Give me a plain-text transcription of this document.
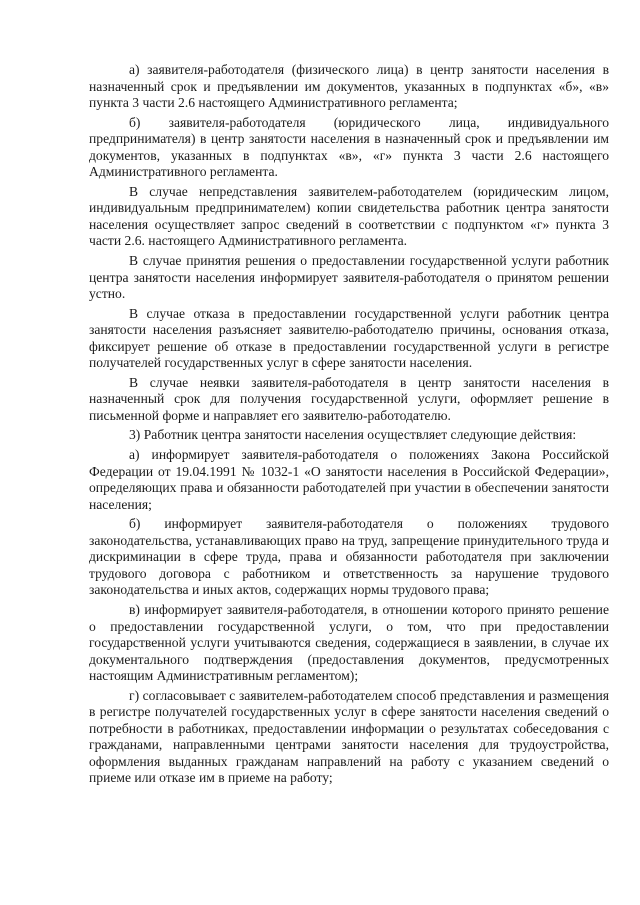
а) заявителя-работодателя (физического лица) в центр занятости населения в назначенный срок и предъявлении им документов, указанных в подпунктах «б», «в» пункта 3 части 2.6 настоящего Административного регламента;

б) заявителя-работодателя (юридического лица, индивидуального предпринимателя) в центр занятости населения в назначенный срок и предъявлении им документов, указанных в подпунктах «в», «г» пункта 3 части 2.6 настоящего Административного регламента.

В случае непредставления заявителем-работодателем (юридическим лицом, индивидуальным предпринимателем) копии свидетельства работник центра занятости населения осуществляет запрос сведений в соответствии с подпунктом «г» пункта 3 части 2.6. настоящего Административного регламента.

В случае принятия решения о предоставлении государственной услуги работник центра занятости населения информирует заявителя-работодателя о принятом решении устно.

В случае отказа в предоставлении государственной услуги работник центра занятости населения разъясняет заявителю-работодателю причины, основания отказа, фиксирует решение об отказе в предоставлении государственной услуги в регистре получателей государственных услуг в сфере занятости населения.

В случае неявки заявителя-работодателя в центр занятости населения в назначенный срок для получения государственной услуги, оформляет решение в письменной форме и направляет его заявителю-работодателю.

3) Работник центра занятости населения осуществляет следующие действия:

а) информирует заявителя-работодателя о положениях Закона Российской Федерации от 19.04.1991 № 1032-1 «О занятости населения в Российской Федерации», определяющих права и обязанности работодателей при участии в обеспечении занятости населения;

б) информирует заявителя-работодателя о положениях трудового законодательства, устанавливающих право на труд, запрещение принудительного труда и дискриминации в сфере труда, права и обязанности работодателя при заключении трудового договора с работником и ответственность за нарушение трудового законодательства и иных актов, содержащих нормы трудового права;

в) информирует заявителя-работодателя, в отношении которого принято решение о предоставлении государственной услуги, о том, что при предоставлении государственной услуги учитываются сведения, содержащиеся в заявлении, в случае их документального подтверждения (предоставления документов, предусмотренных настоящим Административным регламентом);

г) согласовывает с заявителем-работодателем способ представления и размещения в регистре получателей государственных услуг в сфере занятости населения сведений о потребности в работниках, предоставлении информации о результатах собеседования с гражданами, направленными центрами занятости населения для трудоустройства, оформления выданных гражданам направлений на работу с указанием сведений о приеме или отказе им в приеме на работу;
